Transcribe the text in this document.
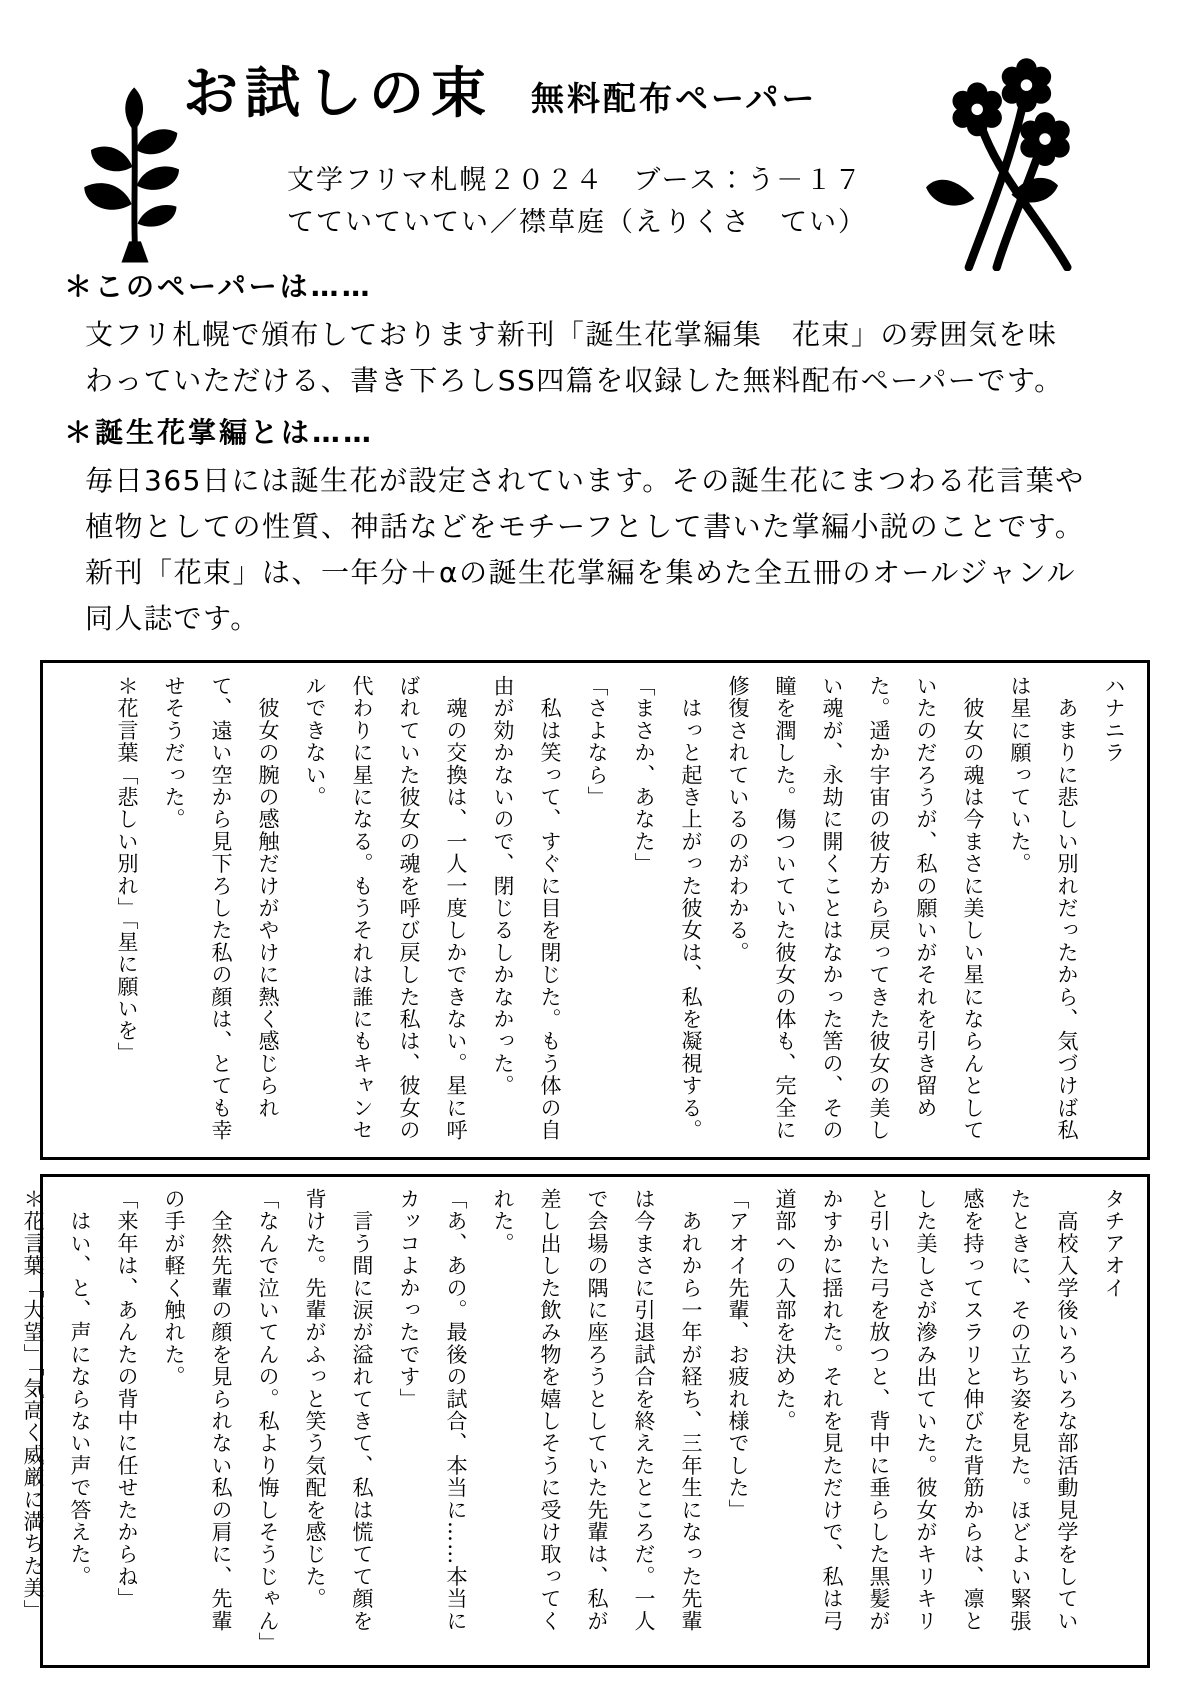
お試しの束 無料配布ペーパー
文学フリマ札幌２０２４　ブース：う－１７
てていていてい／襟草庭（えりくさ　てい）
＊このペーパーは……
文フリ札幌で頒布しております新刊「誕生花掌編集　花束」の雰囲気を味
わっていただける、書き下ろしSS四篇を収録した無料配布ペーパーです。
＊誕生花掌編とは……
毎日365日には誕生花が設定されています。その誕生花にまつわる花言葉や
植物としての性質、神話などをモチーフとして書いた掌編小説のことです。
新刊「花束」は、一年分＋αの誕生花掌編を集めた全五冊のオールジャンル
同人誌です。

ハナニラ

　あまりに悲しい別れだったから、気づけば私は星に願っていた。

　彼女の魂は今まさに美しい星にならんとしていたのだろうが、私の願いがそれを引き留めた。遥か宇宙の彼方から戻ってきた彼女の美しい魂が、永劫に開くことはなかった筈の、その瞳を潤した。傷ついていた彼女の体も、完全に修復されているのがわかる。

　はっと起き上がった彼女は、私を凝視する。

「まさか、あなた」

「さよなら」

　私は笑って、すぐに目を閉じた。もう体の自由が効かないので、閉じるしかなかった。

　魂の交換は、一人一度しかできない。星に呼ばれていた彼女の魂を呼び戻した私は、彼女の代わりに星になる。もうそれは誰にもキャンセルできない。

　彼女の腕の感触だけがやけに熱く感じられて、遠い空から見下ろした私の顔は、とても幸せそうだった。

＊花言葉「悲しい別れ」「星に願いを」

タチアオイ

　高校入学後いろいろな部活動見学をしていたときに、その立ち姿を見た。ほどよい緊張感を持ってスラリと伸びた背筋からは、凛とした美しさが滲み出ていた。彼女がキリキリと引いた弓を放つと、背中に垂らした黒髪がかすかに揺れた。それを見ただけで、私は弓道部への入部を決めた。

「アオイ先輩、お疲れ様でした」

　あれから一年が経ち、三年生になった先輩は今まさに引退試合を終えたところだ。一人で会場の隅に座ろうとしていた先輩は、私が差し出した飲み物を嬉しそうに受け取ってくれた。

「あ、あの。最後の試合、本当に……本当にカッコよかったです」

　言う間に涙が溢れてきて、私は慌てて顔を背けた。先輩がふっと笑う気配を感じた。

「なんで泣いてんの。私より悔しそうじゃん」

　全然先輩の顔を見られない私の肩に、先輩の手が軽く触れた。

「来年は、あんたの背中に任せたからね」

　はい、と、声にならない声で答えた。

＊花言葉「大望」「気高く威厳に満ちた美」
